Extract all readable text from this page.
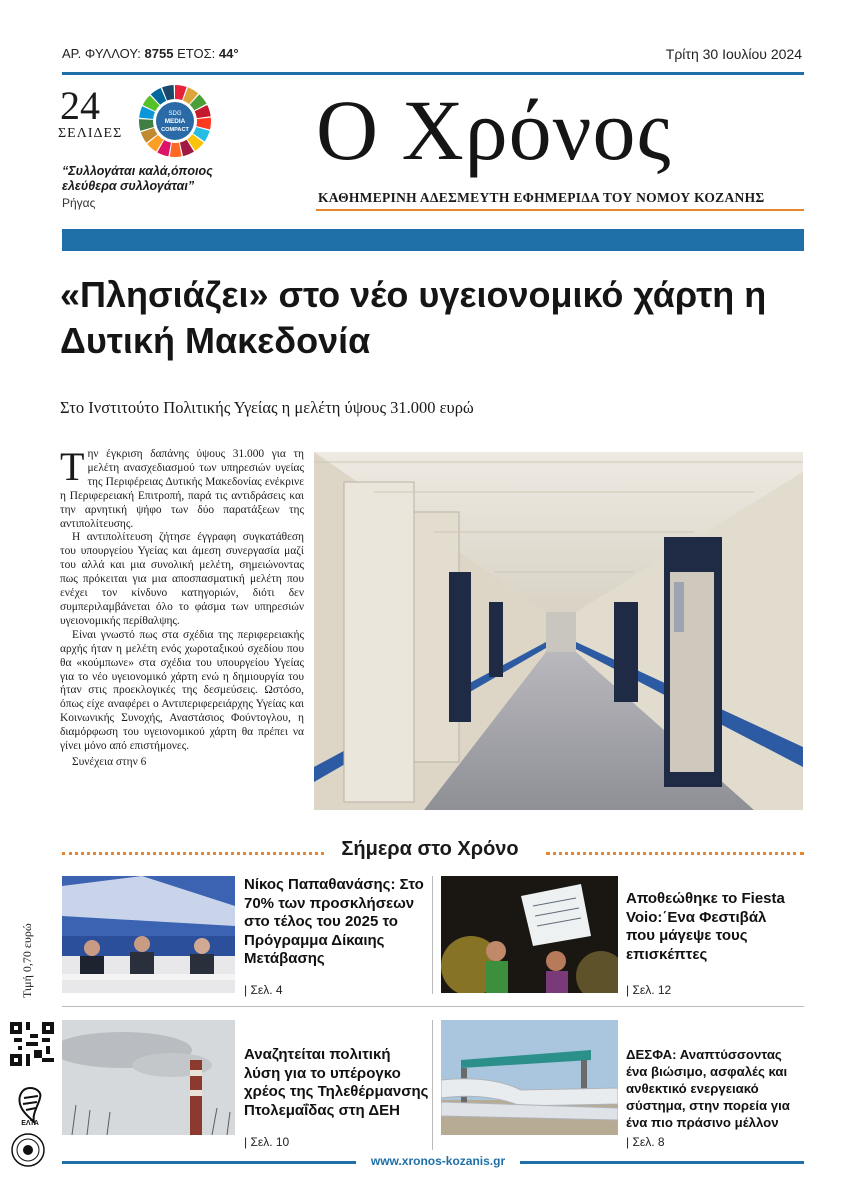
ΑΡ. ΦΥΛΛΟΥ: 8755 ΕΤΟΣ: 44°	Τρίτη 30 Ιουλίου 2024
24
ΣΕΛΙΔΕΣ
SDG
MEDIA
COMPACT
“Συλλογάται καλά,όποιος ελεύθερα συλλογάται”
Ρήγας
Ο Χρόνος
ΚΑΘΗΜΕΡΙΝΗ ΑΔΕΣΜΕΥΤΗ ΕΦΗΜΕΡΙΔΑ ΤΟΥ ΝΟΜΟΥ ΚΟΖΑΝΗΣ
«Πλησιάζει» στο νέο υγειονομικό χάρτη η Δυτική Μακεδονία
Στο Ινστιτούτο Πολιτικής Υγείας η μελέτη ύψους 31.000 ευρώ

Την έγκριση δαπάνης ύψους 31.000 για τη μελέτη ανασχεδιασμού των υπηρεσιών υγείας της Περιφέρειας Δυτικής Μακεδονίας ενέκρινε η Περιφερειακή Επιτροπή, παρά τις αντιδράσεις και την αρνητική ψήφο των δύο παρατάξεων της αντιπολίτευσης.

Η αντιπολίτευση ζήτησε έγγραφη συγκατάθεση του υπουργείου Υγείας και άμεση συνεργασία μαζί του αλλά και μια συνολική μελέτη, σημειώνοντας πως πρόκειται για μια αποσπασματική μελέτη που ενέχει τον κίνδυνο κατηγοριών, διότι δεν συμπεριλαμβάνεται όλο το φάσμα των υπηρεσιών υγειονομικής περίθαλψης.

Είναι γνωστό πως στα σχέδια της περιφερειακής αρχής ήταν η μελέτη ενός χωροταξικού σχεδίου που θα «κούμπωνε» στα σχέδια του υπουργείου Υγείας για το νέο υγειονομικό χάρτη ενώ η δημιουργία του ήταν στις προεκλογικές της δεσμεύσεις. Ωστόσο, όπως είχε αναφέρει ο Αντιπεριφερειάρχης Υγείας και Κοινωνικής Συνοχής, Αναστάσιος Φούντογλου, η διαμόρφωση του υγειονομικού χάρτη θα πρέπει να γίνει μόνο από επιστήμονες.

Συνέχεια στην 6

Σήμερα στο Χρόνο
Νίκος Παπαθανάσης: Στο 70% των προσκλήσεων στο τέλος του 2025 το Πρόγραμμα Δίκαιης Μετάβασης
| Σελ. 4
Αποθεώθηκε το Fiesta Voio:΄Ενα Φεστιβάλ που μάγεψε τους επισκέπτες
| Σελ. 12
Αναζητείται πολιτική λύση για το υπέρογκο χρέος της Τηλεθέρμανσης Πτολεμαΐδας στη ΔΕΗ
| Σελ. 10
ΔΕΣΦΑ: Αναπτύσσοντας ένα βιώσιμο, ασφαλές και ανθεκτικό ενεργειακό σύστημα, στην πορεία για ένα πιο πράσινο μέλλον
| Σελ. 8
Τιμή 0,70 ευρώ
ΕΛΤΑ
www.xronos-kozanis.gr
